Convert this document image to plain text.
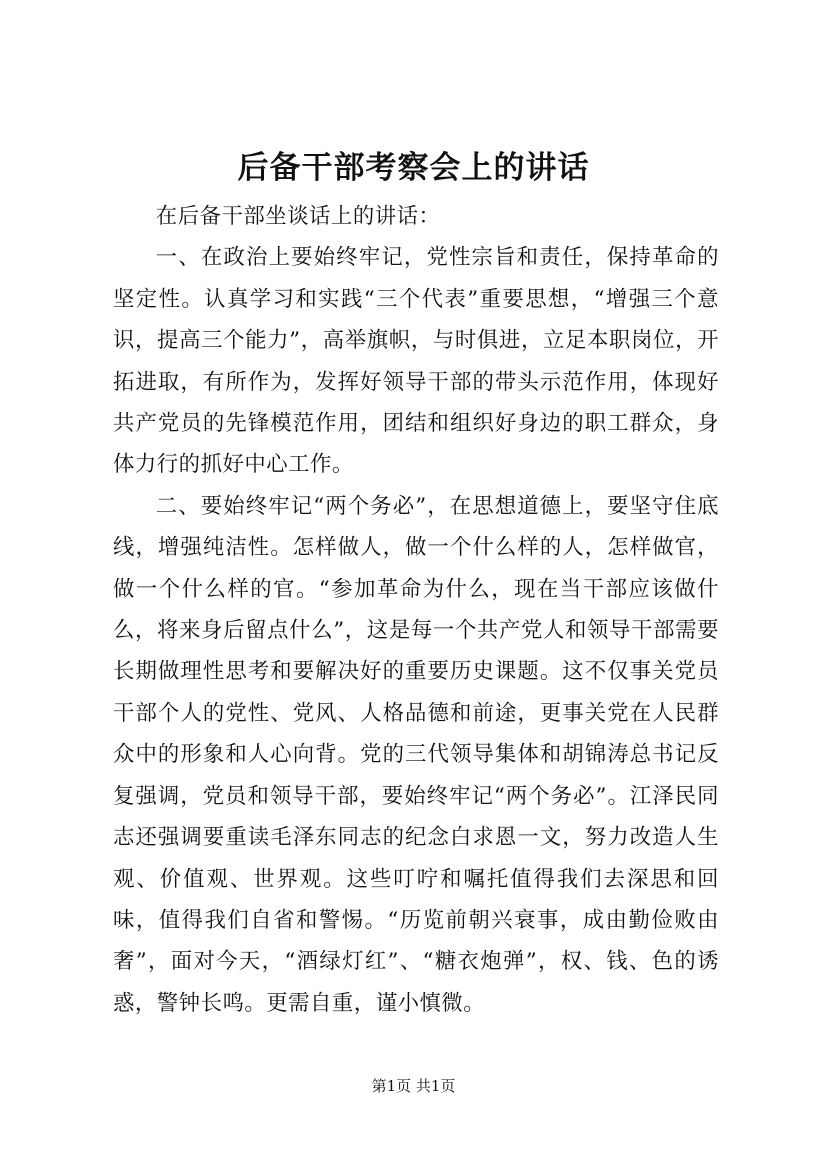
后备干部考察会上的讲话

在后备干部坐谈话上的讲话：

一、在政治上要始终牢记，党性宗旨和责任，保持革命的坚定性。认真学习和实践“三个代表”重要思想，“增强三个意识，提高三个能力”，高举旗帜，与时俱进，立足本职岗位，开拓进取，有所作为，发挥好领导干部的带头示范作用，体现好共产党员的先锋模范作用，团结和组织好身边的职工群众，身体力行的抓好中心工作。

二、要始终牢记“两个务必”，在思想道德上，要坚守住底线，增强纯洁性。怎样做人，做一个什么样的人，怎样做官，做一个什么样的官。“参加革命为什么，现在当干部应该做什么，将来身后留点什么”，这是每一个共产党人和领导干部需要长期做理性思考和要解决好的重要历史课题。这不仅事关党员干部个人的党性、党风、人格品德和前途，更事关党在人民群众中的形象和人心向背。党的三代领导集体和胡锦涛总书记反复强调，党员和领导干部，要始终牢记“两个务必”。江泽民同志还强调要重读毛泽东同志的纪念白求恩一文，努力改造人生观、价值观、世界观。这些叮咛和嘱托值得我们去深思和回味，值得我们自省和警惕。“历览前朝兴衰事，成由勤俭败由奢”，面对今天，“酒绿灯红”、“糖衣炮弹”，权、钱、色的诱惑，警钟长鸣。更需自重，谨小慎微。

第1页 共1页
